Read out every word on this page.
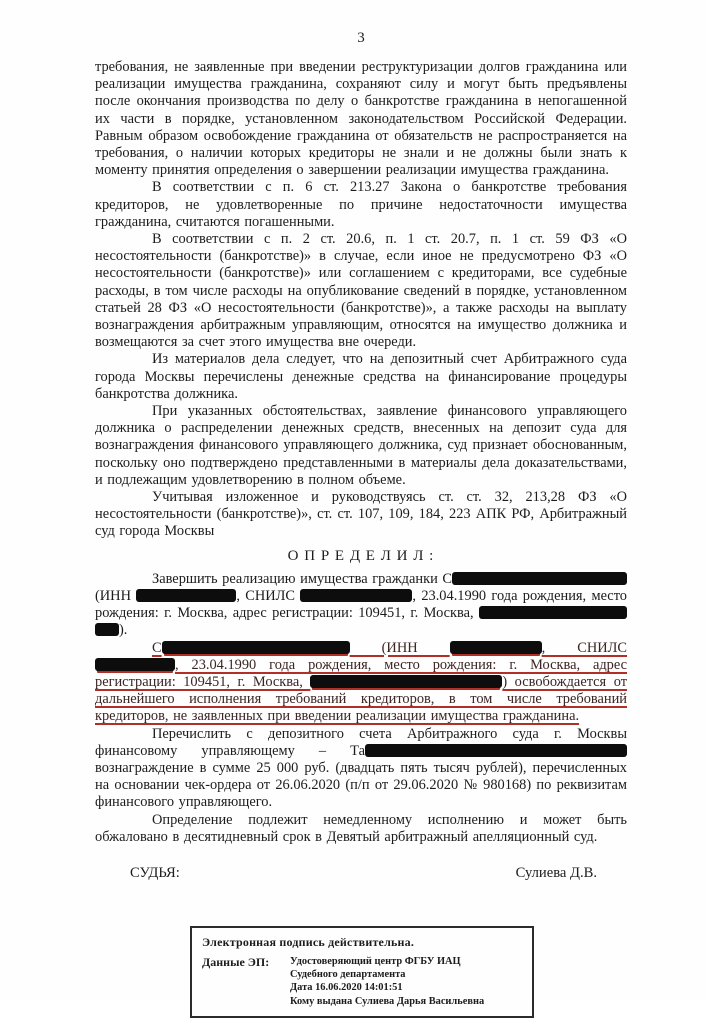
3

требования, не заявленные при введении реструктуризации долгов гражданина или реализации имущества гражданина, сохраняют силу и могут быть предъявлены после окончания производства по делу о банкротстве гражданина в непогашенной их части в порядке, установленном законодательством Российской Федерации. Равным образом освобождение гражданина от обязательств не распространяется на требования, о наличии которых кредиторы не знали и не должны были знать к моменту принятия определения о завершении реализации имущества гражданина.

В соответствии с п. 6 ст. 213.27 Закона о банкротстве требования кредиторов, не удовлетворенные по причине недостаточности имущества гражданина, считаются погашенными.

В соответствии с п. 2 ст. 20.6, п. 1 ст. 20.7, п. 1 ст. 59 ФЗ «О несостоятельности (банкротстве)» в случае, если иное не предусмотрено ФЗ «О несостоятельности (банкротстве)» или соглашением с кредиторами, все судебные расходы, в том числе расходы на опубликование сведений в порядке, установленном статьей 28 ФЗ «О несостоятельности (банкротстве)», а также расходы на выплату вознаграждения арбитражным управляющим, относятся на имущество должника и возмещаются за счет этого имущества вне очереди.

Из материалов дела следует, что на депозитный счет Арбитражного суда города Москвы перечислены денежные средства на финансирование процедуры банкротства должника.

При указанных обстоятельствах, заявление финансового управляющего должника о распределении денежных средств, внесенных на депозит суда для вознаграждения финансового управляющего должника, суд признает обоснованным, поскольку оно подтверждено представленными в материалы дела доказательствами, и подлежащим удовлетворению в полном объеме.

Учитывая изложенное и руководствуясь ст. ст. 32, 213,28 ФЗ «О несостоятельности (банкротстве)», ст. ст. 107, 109, 184, 223 АПК РФ, Арбитражный суд города Москвы

О П Р Е Д Е Л И Л :

Завершить реализацию имущества гражданки С (ИНН	, СНИЛС	, 23.04.1990 года рождения, место рождения: г. Москва, адрес регистрации: 109451, г. Москва, ).

С	(ИНН	, СНИЛС , 23.04.1990 года рождения, место рождения: г. Москва, адрес регистрации: 109451, г. Москва,	) освобождается от дальнейшего исполнения требований кредиторов, в том числе требований кредиторов, не заявленных при введении реализации имущества гражданина.

Перечислить с депозитного счета Арбитражного суда г. Москвы финансовому управляющему – Та вознаграждение в сумме 25 000 руб. (двадцать пять тысяч рублей), перечисленных на основании чек-ордера от 26.06.2020 (п/п от 29.06.2020 № 980168) по реквизитам финансового управляющего.

Определение подлежит немедленному исполнению и может быть обжаловано в десятидневный срок в Девятый арбитражный апелляционный суд.

СУДЬЯ:	Сулиева Д.В.
Электронная подпись действительна.
Данные ЭП:	Удостоверяющий центр ФГБУ ИАЦ Судебного департамента
Дата 16.06.2020 14:01:51
Кому выдана Сулиева Дарья Васильевна
